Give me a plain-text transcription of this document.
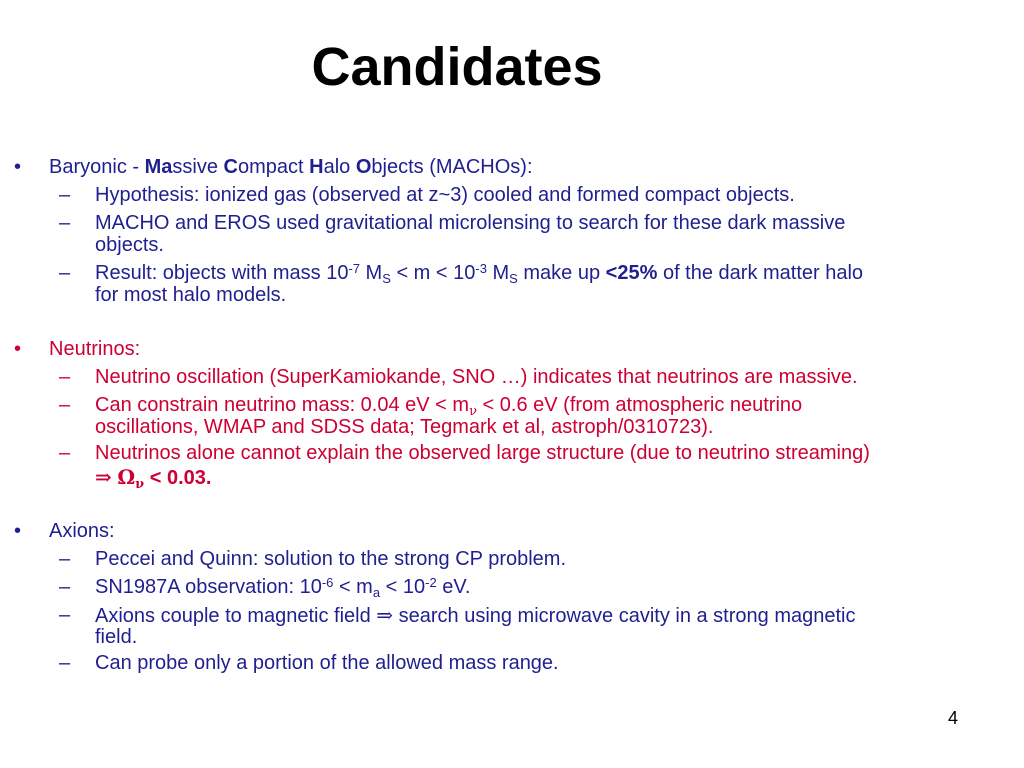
Candidates
• Baryonic - Massive Compact Halo Objects (MACHOs):
– Hypothesis: ionized gas (observed at z~3) cooled and formed compact objects.
– MACHO and EROS used gravitational microlensing to search for these dark massive
objects.
– Result: objects with mass $10^{-7}$ $M_S < m < 10^{-3}$ $M_S$ make up <25% of the dark matter halo
for most halo models.
• Neutrinos:
– Neutrino oscillation (SuperKamiokande, SNO …) indicates that neutrinos are massive.
– Can constrain neutrino mass: 0.04 eV < $m_\nu < 0.6$ eV (from atmospheric neutrino
oscillations, WMAP and SDSS data; Tegmark et al, astroph/0310723).
– Neutrinos alone cannot explain the observed large structure (due to neutrino streaming)
⇒ $\Omega_\nu < 0.03$.
• Axions:
– Peccei and Quinn: solution to the strong CP problem.
– SN1987A observation: $10^{-6} < m_a < 10^{-2}$ eV.
– Axions couple to magnetic field ⇒ search using microwave cavity in a strong magnetic
field.
– Can probe only a portion of the allowed mass range.
4
